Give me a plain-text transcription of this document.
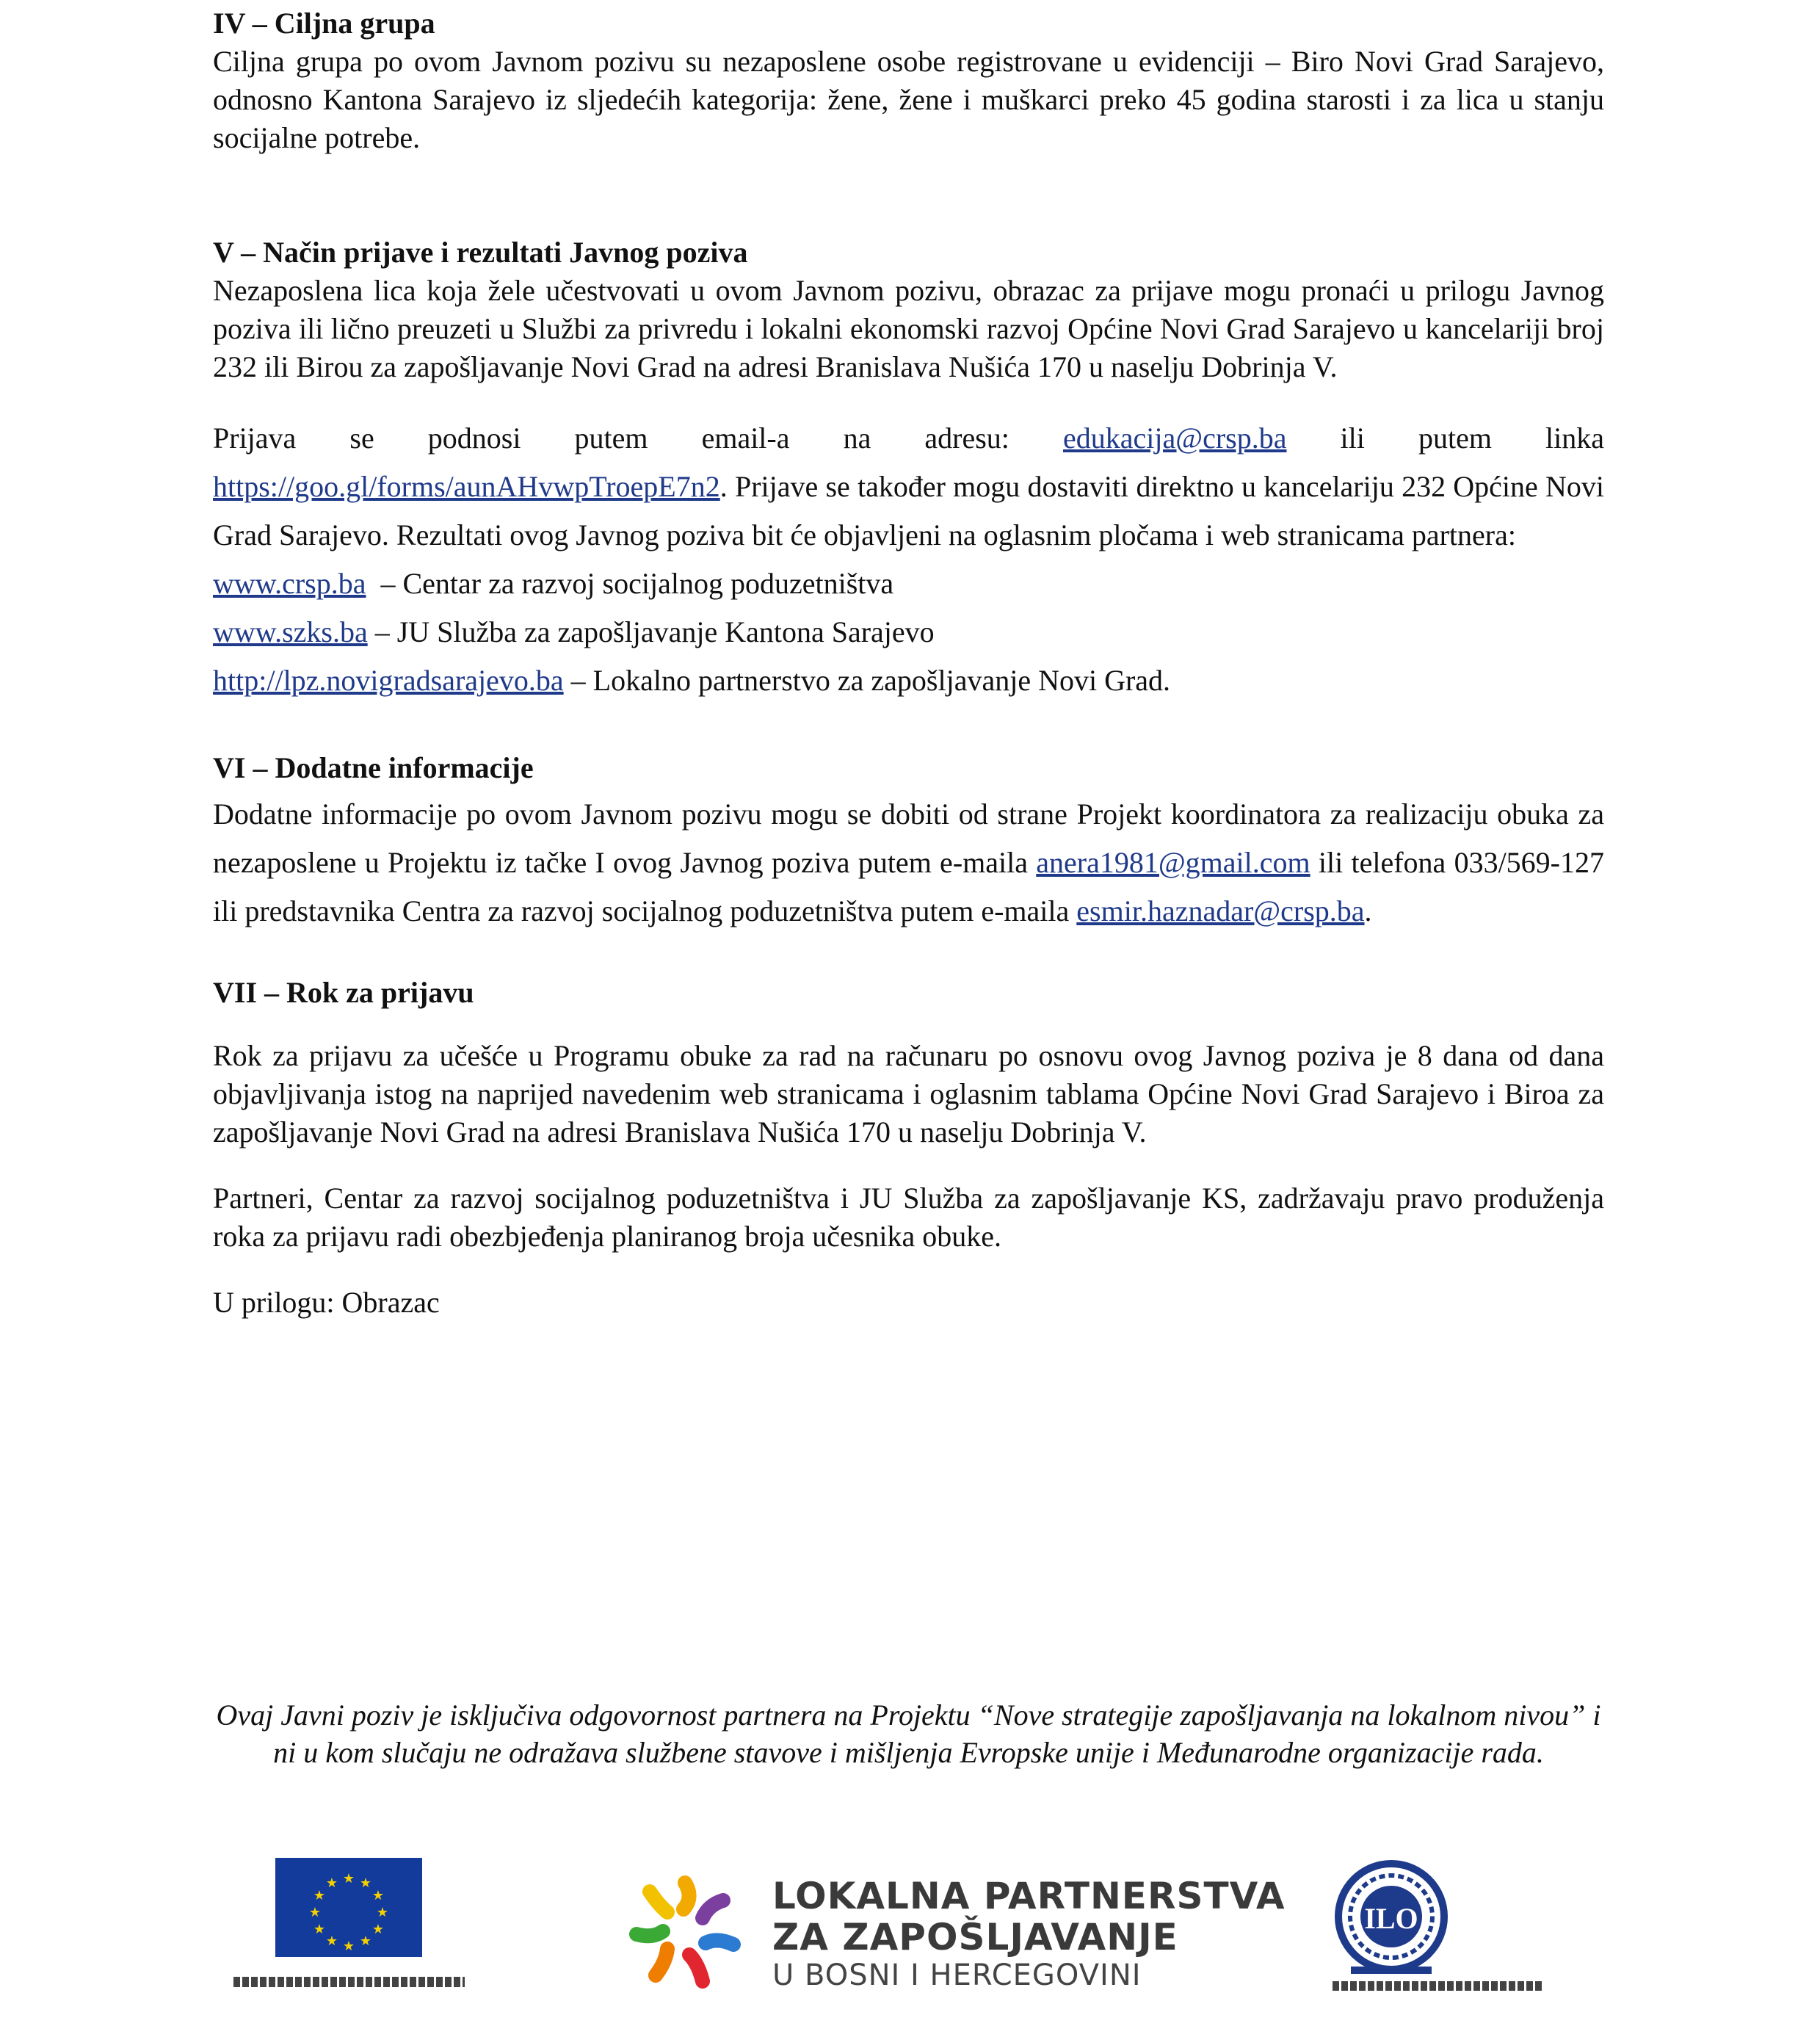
IV – Ciljna grupa

Ciljna grupa po ovom Javnom pozivu su nezaposlene osobe registrovane u evidenciji – Biro Novi Grad Sarajevo, odnosno Kantona Sarajevo iz sljedećih kategorija: žene, žene i muškarci preko 45 godina starosti i za lica u stanju socijalne potrebe.

V – Način prijave i rezultati Javnog poziva

Nezaposlena lica koja žele učestvovati u ovom Javnom pozivu, obrazac za prijave mogu pronaći u prilogu Javnog poziva ili lično preuzeti u Službi za privredu i lokalni ekonomski razvoj Općine Novi Grad Sarajevo u kancelariji broj 232 ili Birou za zapošljavanje Novi Grad na adresi Branislava Nušića 170 u naselju Dobrinja V.

Prijava se podnosi putem email-a na adresu: edukacija@crsp.ba ili putem linka https://goo.gl/forms/aunAHvwpTroepE7n2. Prijave se također mogu dostaviti direktno u kancelariju 232 Općine Novi Grad Sarajevo. Rezultati ovog Javnog poziva bit će objavljeni na oglasnim pločama i web stranicama partnera:

www.crsp.ba  – Centar za razvoj socijalnog poduzetništva
www.szks.ba – JU Služba za zapošljavanje Kantona Sarajevo
http://lpz.novigradsarajevo.ba – Lokalno partnerstvo za zapošljavanje Novi Grad.
VI – Dodatne informacije

Dodatne informacije po ovom Javnom pozivu mogu se dobiti od strane Projekt koordinatora za realizaciju obuka za nezaposlene u Projektu iz tačke I ovog Javnog poziva putem e-maila anera1981@gmail.com ili telefona 033/569-127 ili predstavnika Centra za razvoj socijalnog poduzetništva putem e-maila esmir.haznadar@crsp.ba.

VII – Rok za prijavu

Rok za prijavu za učešće u Programu obuke za rad na računaru po osnovu ovog Javnog poziva je 8 dana od dana objavljivanja istog na naprijed navedenim web stranicama i oglasnim tablama Općine Novi Grad Sarajevo i Biroa za zapošljavanje Novi Grad na adresi Branislava Nušića 170 u naselju Dobrinja V.

Partneri, Centar za razvoj socijalnog poduzetništva i JU Služba za zapošljavanje KS, zadržavaju pravo produženja roka za prijavu radi obezbjeđenja planiranog broja učesnika obuke.

U prilogu: Obrazac

Ovaj Javni poziv je isključiva odgovornost partnera na Projektu “Nove strategije zapošljavanja na lokalnom nivou” i ni u kom slučaju ne odražava službene stavove i mišljenja Evropske unije i Međunarodne organizacije rada.
★ ★
★
★
★
★
★
★
★
★
★
★	LOKALNA PARTNERSTVA
ZA ZAPOŠLJAVANJE
U BOSNI I HERCEGOVINI
ILO
